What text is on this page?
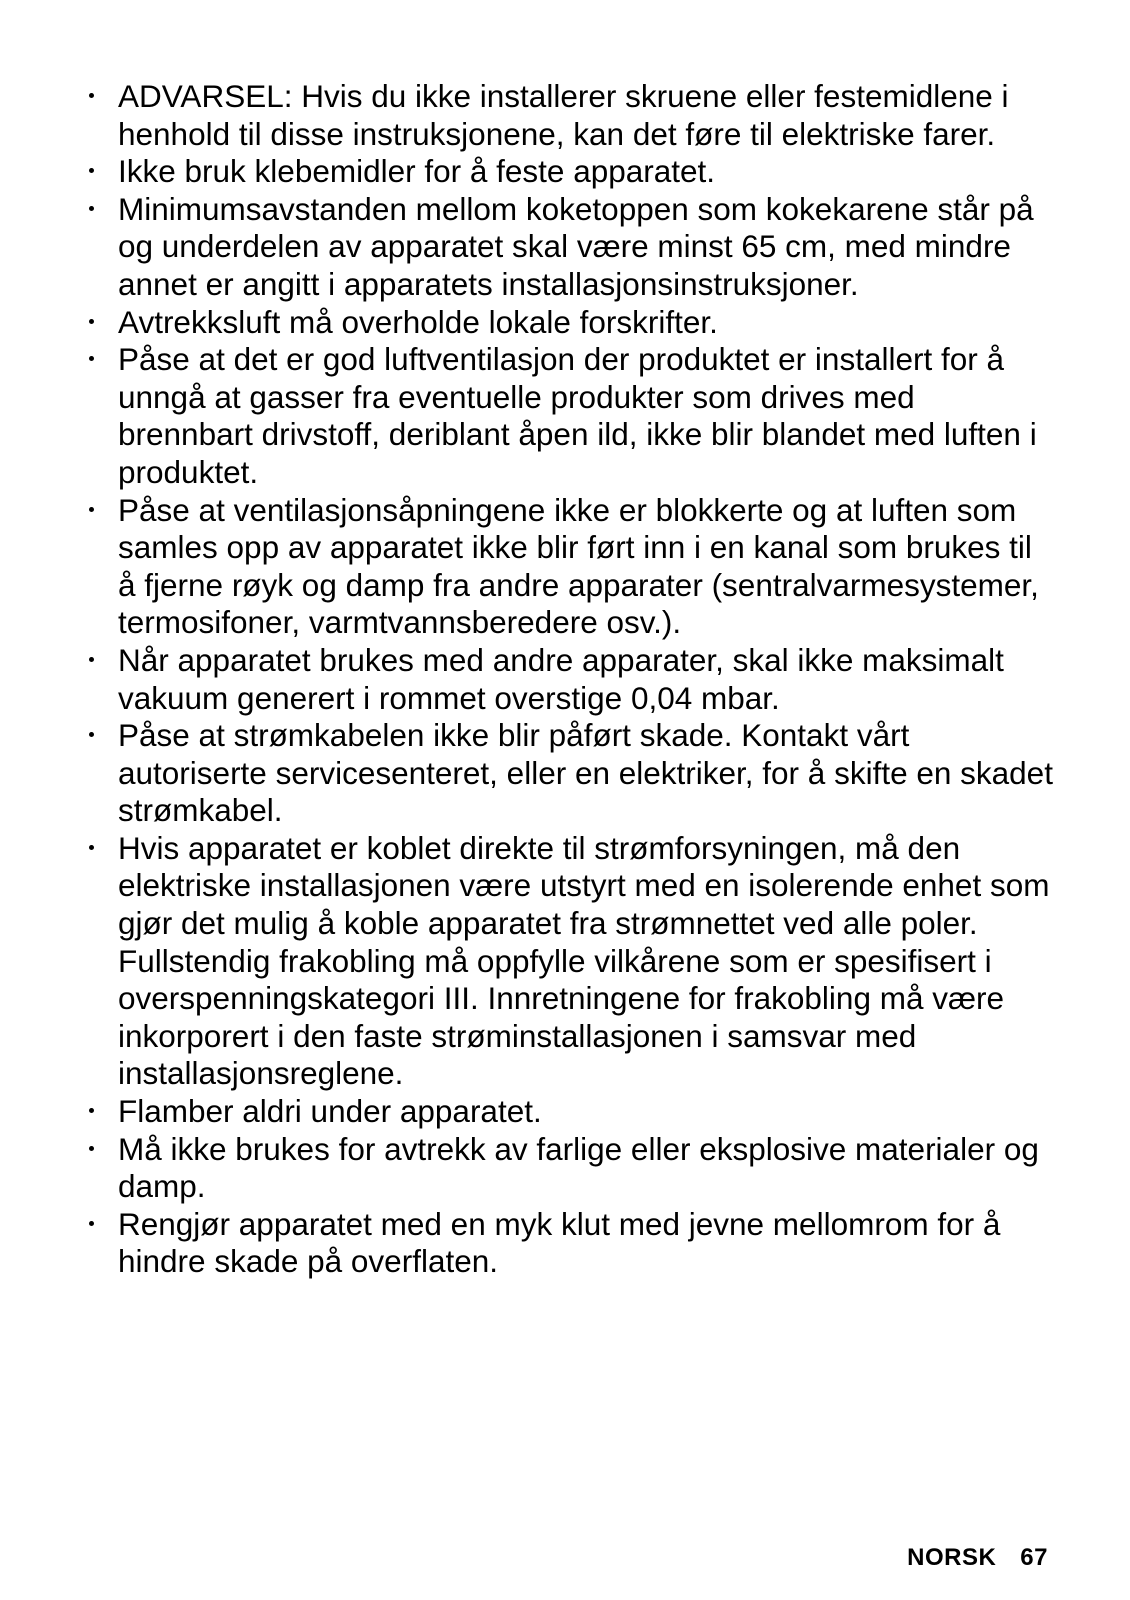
ADVARSEL: Hvis du ikke installerer skruene eller festemidlene i henhold til disse instruksjonene, kan det føre til elektriske farer.
Ikke bruk klebemidler for å feste apparatet.
Minimumsavstanden mellom koketoppen som kokekarene står på og underdelen av apparatet skal være minst 65 cm, med mindre annet er angitt i apparatets installasjonsinstruksjoner.
Avtrekksluft må overholde lokale forskrifter.
Påse at det er god luftventilasjon der produktet er installert for å unngå at gasser fra eventuelle produkter som drives med brennbart drivstoff, deriblant åpen ild, ikke blir blandet med luften i produktet.
Påse at ventilasjonsåpningene ikke er blokkerte og at luften som samles opp av apparatet ikke blir ført inn i en kanal som brukes til å fjerne røyk og damp fra andre apparater (sentralvarmesystemer, termosifoner, varmtvannsberedere osv.).
Når apparatet brukes med andre apparater, skal ikke maksimalt vakuum generert i rommet overstige 0,04 mbar.
Påse at strømkabelen ikke blir påført skade. Kontakt vårt autoriserte servicesenteret, eller en elektriker, for å skifte en skadet strømkabel.
Hvis apparatet er koblet direkte til strømforsyningen, må den elektriske installasjonen være utstyrt med en isolerende enhet som gjør det mulig å koble apparatet fra strømnettet ved alle poler. Fullstendig frakobling må oppfylle vilkårene som er spesifisert i overspenningskategori III. Innretningene for frakobling må være inkorporert i den faste strøminstallasjonen i samsvar med installasjonsreglene.
Flamber aldri under apparatet.
Må ikke brukes for avtrekk av farlige eller eksplosive materialer og damp.
Rengjør apparatet med en myk klut med jevne mellomrom for å hindre skade på overflaten.
NORSK 67
